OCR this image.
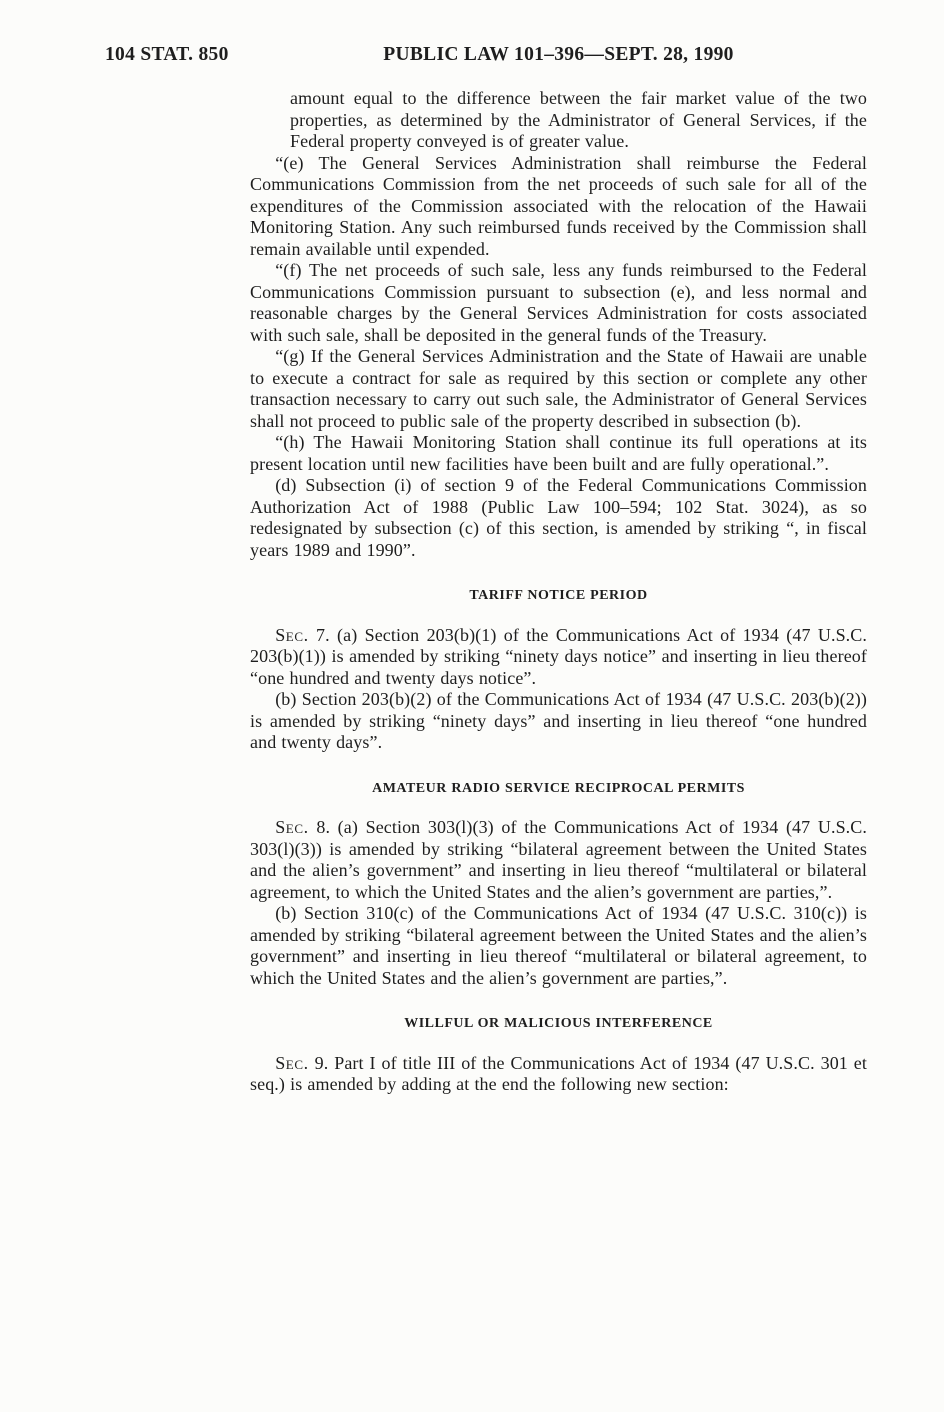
104 STAT. 850	PUBLIC LAW 101–396—SEPT. 28, 1990

amount equal to the difference between the fair market value of the two properties, as determined by the Administrator of General Services, if the Federal property conveyed is of greater value.

“(e) The General Services Administration shall reimburse the Federal Communications Commission from the net proceeds of such sale for all of the expenditures of the Commission associated with the relocation of the Hawaii Monitoring Station. Any such reimbursed funds received by the Commission shall remain available until expended.

“(f) The net proceeds of such sale, less any funds reimbursed to the Federal Communications Commission pursuant to subsection (e), and less normal and reasonable charges by the General Services Administration for costs associated with such sale, shall be deposited in the general funds of the Treasury.

“(g) If the General Services Administration and the State of Hawaii are unable to execute a contract for sale as required by this section or complete any other transaction necessary to carry out such sale, the Administrator of General Services shall not proceed to public sale of the property described in subsection (b).

“(h) The Hawaii Monitoring Station shall continue its full operations at its present location until new facilities have been built and are fully operational.”.

(d) Subsection (i) of section 9 of the Federal Communications Commission Authorization Act of 1988 (Public Law 100–594; 102 Stat. 3024), as so redesignated by subsection (c) of this section, is amended by striking “, in fiscal years 1989 and 1990”.

TARIFF NOTICE PERIOD

Sec. 7. (a) Section 203(b)(1) of the Communications Act of 1934 (47 U.S.C. 203(b)(1)) is amended by striking “ninety days notice” and inserting in lieu thereof “one hundred and twenty days notice”.

(b) Section 203(b)(2) of the Communications Act of 1934 (47 U.S.C. 203(b)(2)) is amended by striking “ninety days” and inserting in lieu thereof “one hundred and twenty days”.

AMATEUR RADIO SERVICE RECIPROCAL PERMITS

Sec. 8. (a) Section 303(l)(3) of the Communications Act of 1934 (47 U.S.C. 303(l)(3)) is amended by striking “bilateral agreement between the United States and the alien’s government” and inserting in lieu thereof “multilateral or bilateral agreement, to which the United States and the alien’s government are parties,”.

(b) Section 310(c) of the Communications Act of 1934 (47 U.S.C. 310(c)) is amended by striking “bilateral agreement between the United States and the alien’s government” and inserting in lieu thereof “multilateral or bilateral agreement, to which the United States and the alien’s government are parties,”.

WILLFUL OR MALICIOUS INTERFERENCE

Sec. 9. Part I of title III of the Communications Act of 1934 (47 U.S.C. 301 et seq.) is amended by adding at the end the following new section:
